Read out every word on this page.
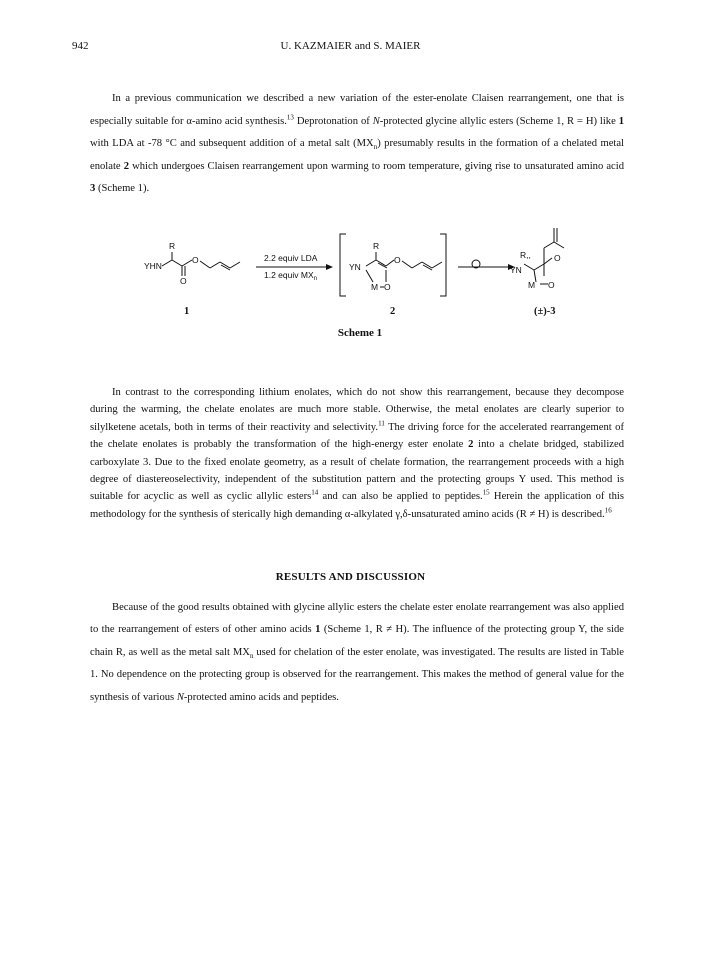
942	U. KAZMAIER and S. MAIER

In a previous communication we described a new variation of the ester-enolate Claisen rearrangement, one that is especially suitable for α-amino acid synthesis.$^{13}$ Deprotonation of N-protected glycine allylic esters (Scheme 1, R = H) like 1 with LDA at -78 °C and subsequent addition of a metal salt $(MX_n)$ presumably results in the formation of a chelated metal enolate 2 which undergoes Claisen rearrangement upon warming to room temperature, giving rise to unsaturated amino acid 3 (Scheme 1).

R
YHN
O
O
R
YN
O
M O
R,,
YN
O
M O
2.2 equiv LDA
1.2 equiv $MX_n$
1	2	(±)-3
Scheme 1

In contrast to the corresponding lithium enolates, which do not show this rearrangement, because they decompose during the warming, the chelate enolates are much more stable. Otherwise, the metal enolates are clearly superior to silylketene acetals, both in terms of their reactivity and selectivity.$^{11}$ The driving force for the accelerated rearrangement of the chelate enolates is probably the transformation of the high-energy ester enolate 2 into a chelate bridged, stabilized carboxylate 3. Due to the fixed enolate geometry, as a result of chelate formation, the rearrangement proceeds with a high degree of diastereoselectivity, independent of the substitution pattern and the protecting groups Y used. This method is suitable for acyclic as well as cyclic allylic esters$^{14}$ and can also be applied to peptides.$^{15}$ Herein the application of this methodology for the synthesis of sterically high demanding α-alkylated γ,δ-unsaturated amino acids (R ≠ H) is described.$^{16}$

RESULTS AND DISCUSSION

Because of the good results obtained with glycine allylic esters the chelate ester enolate rearrangement was also applied to the rearrangement of esters of other amino acids 1 (Scheme 1, R ≠ H). The influence of the protecting group Y, the side chain R, as well as the metal salt $MX_n$ used for chelation of the ester enolate, was investigated. The results are listed in Table 1. No dependence on the protecting group is observed for the rearrangement. This makes the method of general value for the synthesis of various N-protected amino acids and peptides.
